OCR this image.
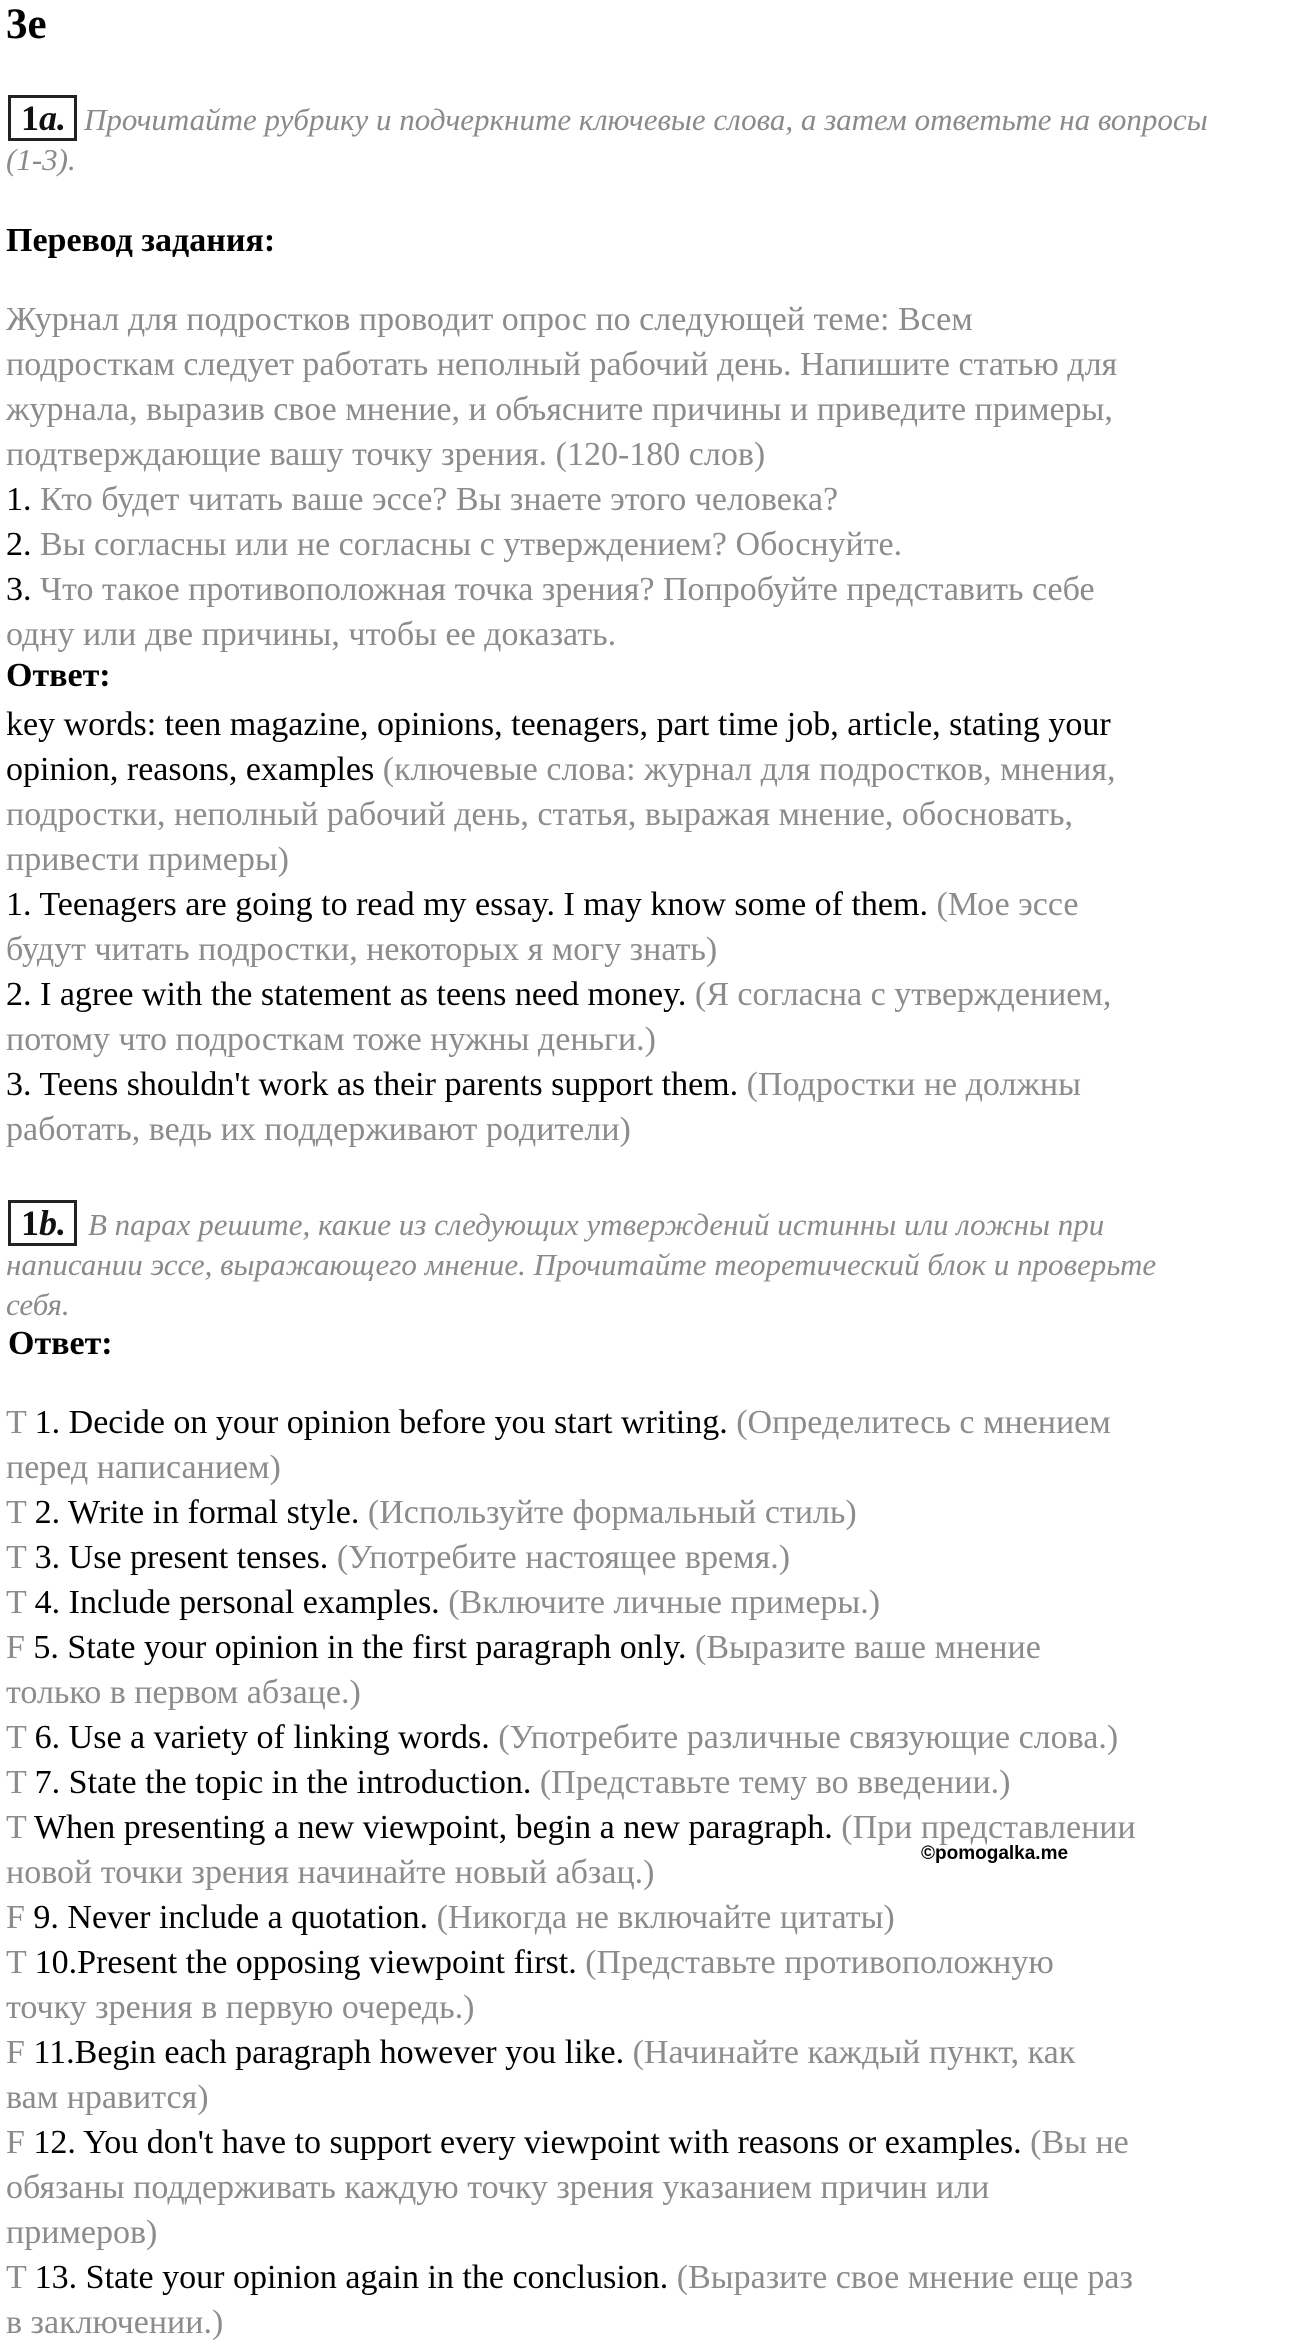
3e
1a. Прочитайте рубрику и подчеркните ключевые слова, а затем ответьте на вопросы
(1-3).
Перевод задания:
Журнал для подростков проводит опрос по следующей теме: Всем
подросткам следует работать неполный рабочий день. Напишите статью для
журнала, выразив свое мнение, и объясните причины и приведите примеры,
подтверждающие вашу точку зрения. (120-180 слов)
1. Кто будет читать ваше эссе? Вы знаете этого человека?
2. Вы согласны или не согласны с утверждением? Обоснуйте.
3. Что такое противоположная точка зрения? Попробуйте представить себе
одну или две причины, чтобы ее доказать.
Ответ:
key words: teen magazine, opinions, teenagers, part time job, article, stating your
opinion, reasons, examples (ключевые слова: журнал для подростков, мнения,
подростки, неполный рабочий день, статья, выражая мнение, обосновать,
привести примеры)
1. Teenagers are going to read my essay. I may know some of them. (Мое эссе
будут читать подростки, некоторых я могу знать)
2. I agree with the statement as teens need money. (Я согласна с утверждением,
потому что подросткам тоже нужны деньги.)
3. Teens shouldn't work as their parents support them. (Подростки не должны
работать, ведь их поддерживают родители)
1b. В парах решите, какие из следующих утверждений истинны или ложны при
написании эссе, выражающего мнение. Прочитайте теоретический блок и проверьте
себя.
Ответ:
T 1. Decide on your opinion before you start writing. (Определитесь с мнением
перед написанием)
T 2. Write in formal style. (Используйте формальный стиль)
T 3. Use present tenses. (Употребите настоящее время.)
T 4. Include personal examples. (Включите личные примеры.)
F 5. State your opinion in the first paragraph only. (Выразите ваше мнение
только в первом абзаце.)
T 6. Use a variety of linking words. (Употребите различные связующие слова.)
T 7. State the topic in the introduction. (Представьте тему во введении.)
T When presenting a new viewpoint, begin a new paragraph. (При представлении
новой точки зрения начинайте новый абзац.)
F 9. Never include a quotation. (Никогда не включайте цитаты)
T 10.Present the opposing viewpoint first. (Представьте противоположную
точку зрения в первую очередь.)
F 11.Begin each paragraph however you like. (Начинайте каждый пункт, как
вам нравится)
F 12. You don't have to support every viewpoint with reasons or examples. (Вы не
обязаны поддерживать каждую точку зрения указанием причин или
примеров)
T 13. State your opinion again in the conclusion. (Выразите свое мнение еще раз
в заключении.)
©pomogalka.me
